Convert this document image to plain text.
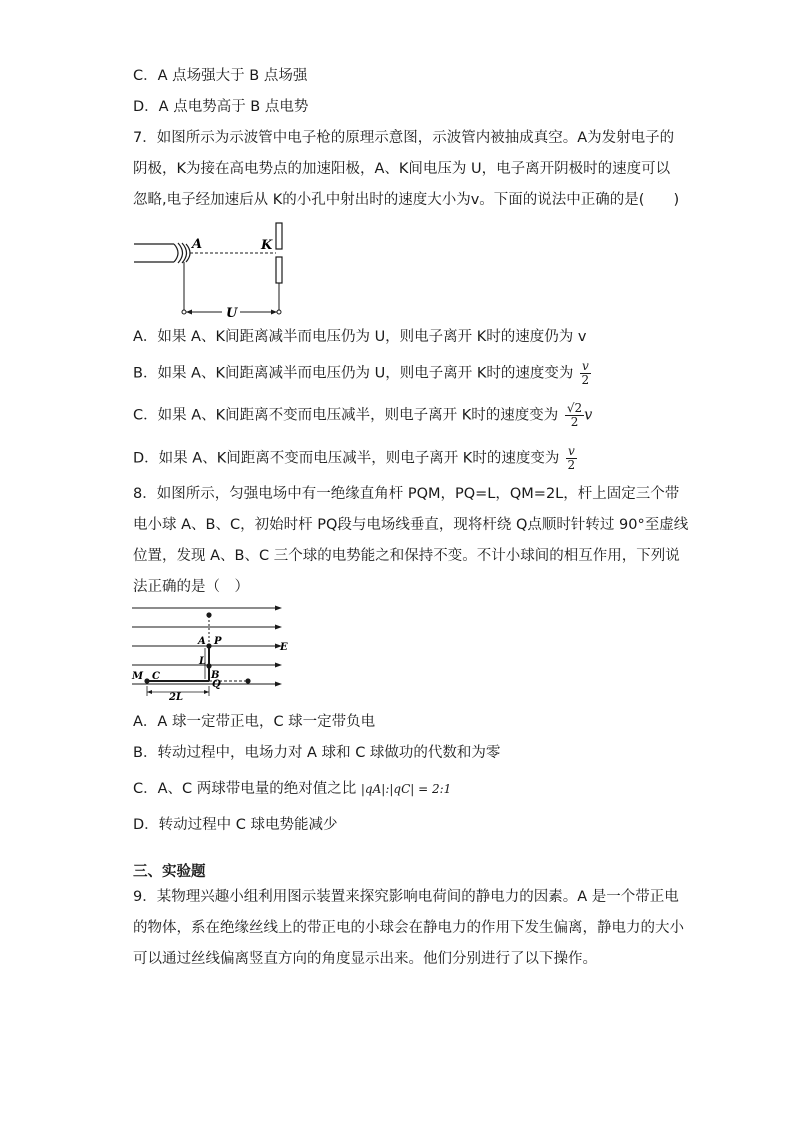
C．A 点场强大于 B 点场强
D．A 点电势高于 B 点电势
7．如图所示为示波管中电子枪的原理示意图，示波管内被抽成真空。A为发射电子的
阴极，K为接在高电势点的加速阳极，A、K间电压为 U，电子离开阴极时的速度可以
忽略,电子经加速后从 K的小孔中射出时的速度大小为v。下面的说法中正确的是(　　)
A	K
U
A．如果 A、K间距离减半而电压仍为 U，则电子离开 K时的速度仍为 v
B．如果 A、K间距离减半而电压仍为 U，则电子离开 K时的速度变为 $\frac{v}{2}$
C．如果 A、K间距离不变而电压减半，则电子离开 K时的速度变为 $\frac{√2}{2}$ v
D．如果 A、K间距离不变而电压减半，则电子离开 K时的速度变为 $\frac{v}{2}$
8．如图所示，匀强电场中有一绝缘直角杆 PQM，PQ=L，QM=2L，杆上固定三个带
电小球 A、B、C，初始时杆 PQ段与电场线垂直，现将杆绕 Q点顺时针转过 90°至虚线
位置，发现 A、B、C 三个球的电势能之和保持不变。不计小球间的相互作用，下列说
法正确的是（　）
A P
E
L
B
M C
Q
2L
A．A 球一定带正电，C 球一定带负电
B．转动过程中，电场力对 A 球和 C 球做功的代数和为零
C．A、C 两球带电量的绝对值之比 |qA|:|qC| = 2:1
D．转动过程中 C 球电势能减少
三、实验题
9．某物理兴趣小组利用图示装置来探究影响电荷间的静电力的因素。A 是一个带正电
的物体，系在绝缘丝线上的带正电的小球会在静电力的作用下发生偏离，静电力的大小
可以通过丝线偏离竖直方向的角度显示出来。他们分别进行了以下操作。
